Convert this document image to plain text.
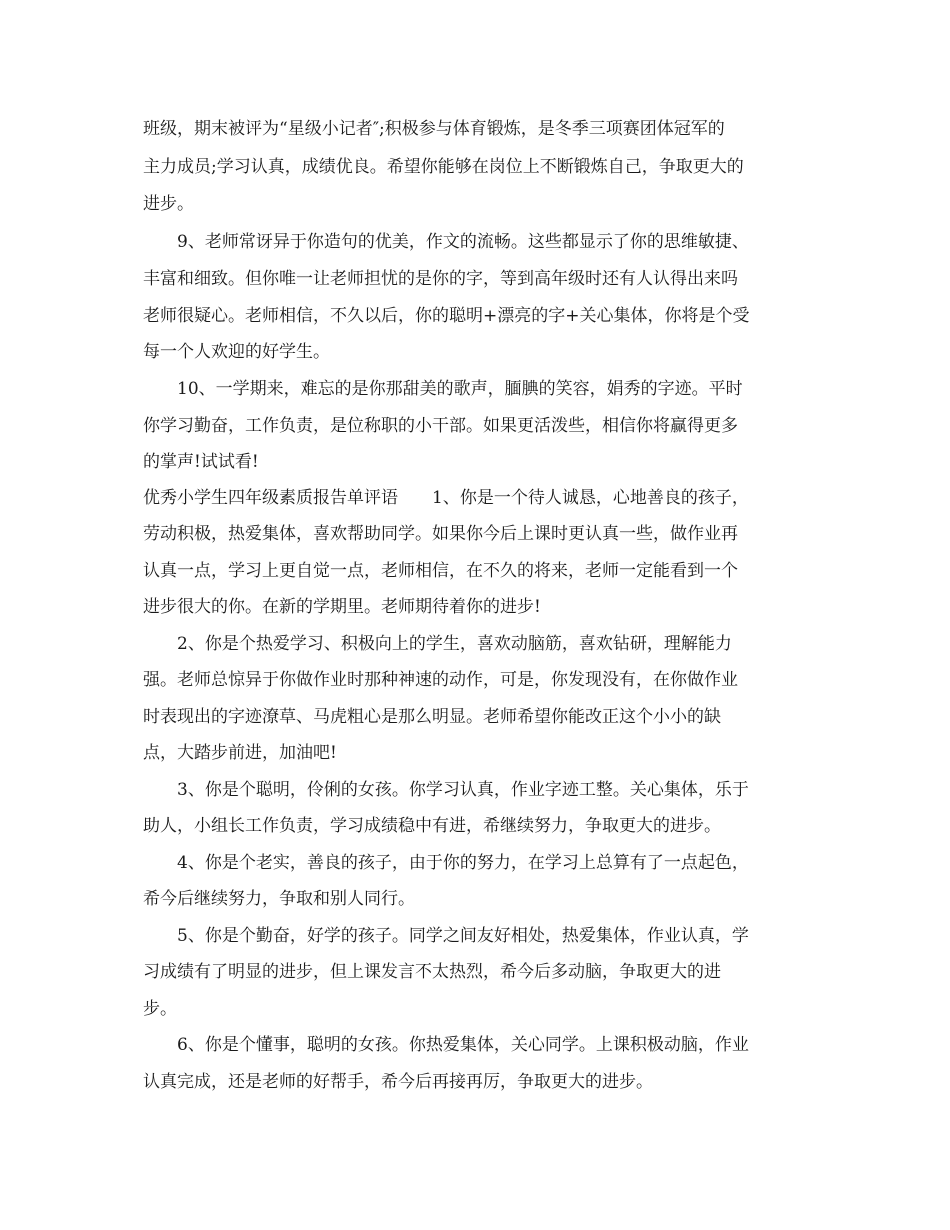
班级，期末被评为“星级小记者″;积极参与体育锻炼，是冬季三项赛团体冠军的
主力成员;学习认真，成绩优良。希望你能够在岗位上不断锻炼自己，争取更大的
进步。
9、老师常讶异于你造句的优美，作文的流畅。这些都显示了你的思维敏捷、
丰富和细致。但你唯一让老师担忧的是你的字，等到高年级时还有人认得出来吗
老师很疑心。老师相信，不久以后，你的聪明+漂亮的字+关心集体，你将是个受
每一个人欢迎的好学生。
10、一学期来，难忘的是你那甜美的歌声，腼腆的笑容，娟秀的字迹。平时
你学习勤奋，工作负责，是位称职的小干部。如果更活泼些，相信你将赢得更多
的掌声!试试看!
优秀小学生四年级素质报告单评语　　1、你是一个待人诚恳，心地善良的孩子，
劳动积极，热爱集体，喜欢帮助同学。如果你今后上课时更认真一些，做作业再
认真一点，学习上更自觉一点，老师相信，在不久的将来，老师一定能看到一个
进步很大的你。在新的学期里。老师期待着你的进步!
2、你是个热爱学习、积极向上的学生，喜欢动脑筋，喜欢钻研，理解能力
强。老师总惊异于你做作业时那种神速的动作，可是，你发现没有，在你做作业
时表现出的字迹潦草、马虎粗心是那么明显。老师希望你能改正这个小小的缺
点，大踏步前进，加油吧!
3、你是个聪明，伶俐的女孩。你学习认真，作业字迹工整。关心集体，乐于
助人，小组长工作负责，学习成绩稳中有进，希继续努力，争取更大的进步。
4、你是个老实，善良的孩子，由于你的努力，在学习上总算有了一点起色，
希今后继续努力，争取和别人同行。
5、你是个勤奋，好学的孩子。同学之间友好相处，热爱集体，作业认真，学
习成绩有了明显的进步，但上课发言不太热烈，希今后多动脑，争取更大的进
步。
6、你是个懂事，聪明的女孩。你热爱集体，关心同学。上课积极动脑，作业
认真完成，还是老师的好帮手，希今后再接再厉，争取更大的进步。
